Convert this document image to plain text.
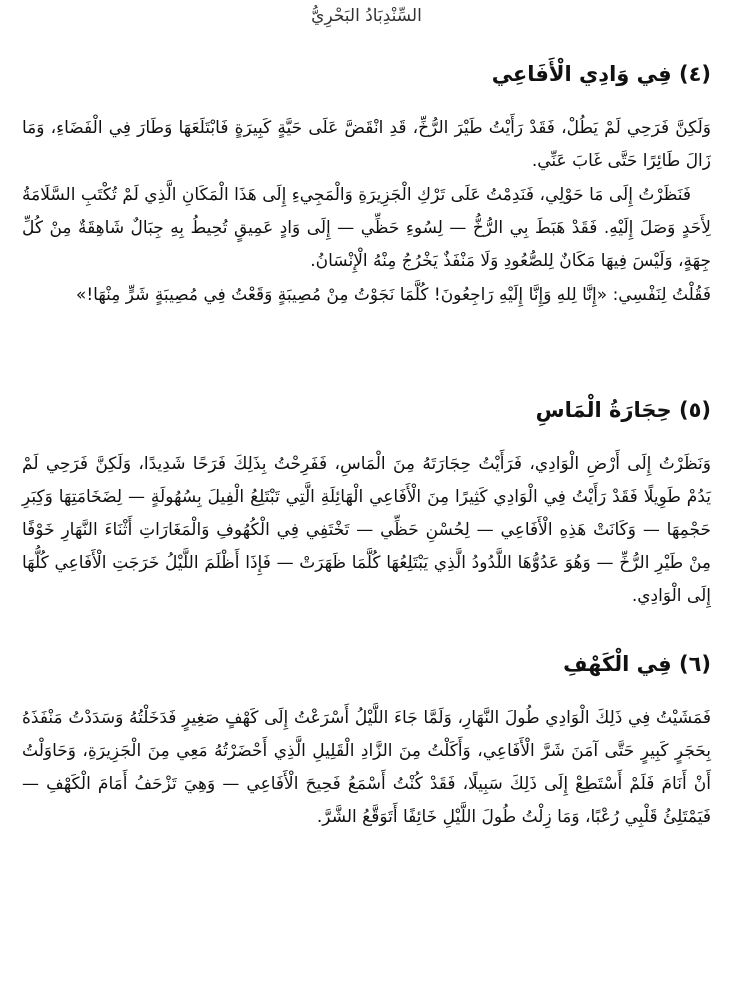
السِّنْدِبَادُ البَحْرِيُّ
(٤) فِي وَادِي الْأَفَاعِي

وَلَكِنَّ فَرَحِي لَمْ يَطُلْ، فَقَدْ رَأَيْتُ طَيْرَ الرُّخِّ، قَدِ انْقَضَّ عَلَى حَيَّةٍ كَبِيرَةٍ فَابْتَلَعَهَا وَطَارَ فِي الْفَضَاءِ، وَمَا زَالَ طَائِرًا حَتَّى غَابَ عَنِّي.

فَنَظَرْتُ إِلَى مَا حَوْلِي، فَنَدِمْتُ عَلَى تَرْكِ الْجَزِيرَةِ وَالْمَجِيءِ إِلَى هَذَا الْمَكَانِ الَّذِي لَمْ تُكْتَبِ السَّلَامَةُ لِأَحَدٍ وَصَلَ إِلَيْهِ. فَقَدْ هَبَطَ بِي الرُّخُّ — لِسُوءِ حَظِّي — إِلَى وَادٍ عَمِيقٍ تُحِيطُ بِهِ جِبَالٌ شَاهِقَةٌ مِنْ كُلِّ جِهَةٍ، وَلَيْسَ فِيهَا مَكَانٌ لِلصُّعُودِ وَلَا مَنْفَذٌ يَخْرُجُ مِنْهُ الْإِنْسَانُ.

فَقُلْتُ لِنَفْسِي: «إِنَّا لِلهِ وَإِنَّا إِلَيْهِ رَاجِعُونَ! كُلَّمَا نَجَوْتُ مِنْ مُصِيبَةٍ وَقَعْتُ فِي مُصِيبَةٍ شَرٍّ مِنْهَا!»

(٥) حِجَارَةُ الْمَاسِ

وَنَظَرْتُ إِلَى أَرْضِ الْوَادِي، فَرَأَيْتُ حِجَارَتَهُ مِنَ الْمَاسِ، فَفَرِحْتُ بِذَلِكَ فَرَحًا شَدِيدًا، وَلَكِنَّ فَرَحِي لَمْ يَدُمْ طَوِيلًا فَقَدْ رَأَيْتُ فِي الْوَادِي كَثِيرًا مِنَ الْأَفَاعِي الْهَائِلَةِ الَّتِي تَبْتَلِعُ الْفِيلَ بِسُهُولَةٍ — لِضَخَامَتِهَا وَكِبَرِ حَجْمِهَا — وَكَانَتْ هَذِهِ الْأَفَاعِي — لِحُسْنِ حَظِّي — تَخْتَفِي فِي الْكُهُوفِ وَالْمَغَارَاتِ أَثْنَاءَ النَّهَارِ خَوْفًا مِنْ طَيْرِ الرُّخِّ — وَهُوَ عَدُوُّهَا اللَّدُودُ الَّذِي يَبْتَلِعُهَا كُلَّمَا ظَهَرَتْ — فَإِذَا أَظْلَمَ اللَّيْلُ خَرَجَتِ الْأَفَاعِي كُلُّهَا إِلَى الْوَادِي.

(٦) فِي الْكَهْفِ

فَمَشَيْتُ فِي ذَلِكَ الْوَادِي طُولَ النَّهَارِ، وَلَمَّا جَاءَ اللَّيْلُ أَسْرَعْتُ إِلَى كَهْفٍ صَغِيرٍ فَدَخَلْتُهُ وَسَدَدْتُ مَنْفَذَهُ بِحَجَرٍ كَبِيرٍ حَتَّى آمَنَ شَرَّ الْأَفَاعِي، وَأَكَلْتُ مِنَ الزَّادِ الْقَلِيلِ الَّذِي أَحْضَرْتُهُ مَعِي مِنَ الْجَزِيرَةِ، وَحَاوَلْتُ أَنْ أَنَامَ فَلَمْ أَسْتَطِعْ إِلَى ذَلِكَ سَبِيلًا، فَقَدْ كُنْتُ أَسْمَعُ فَحِيحَ الْأَفَاعِي — وَهِيَ تَزْحَفُ أَمَامَ الْكَهْفِ — فَيَمْتَلِئُ قَلْبِي رُعْبًا، وَمَا زِلْتُ طُولَ اللَّيْلِ خَائِفًا أَتَوَقَّعُ الشَّرَّ.
